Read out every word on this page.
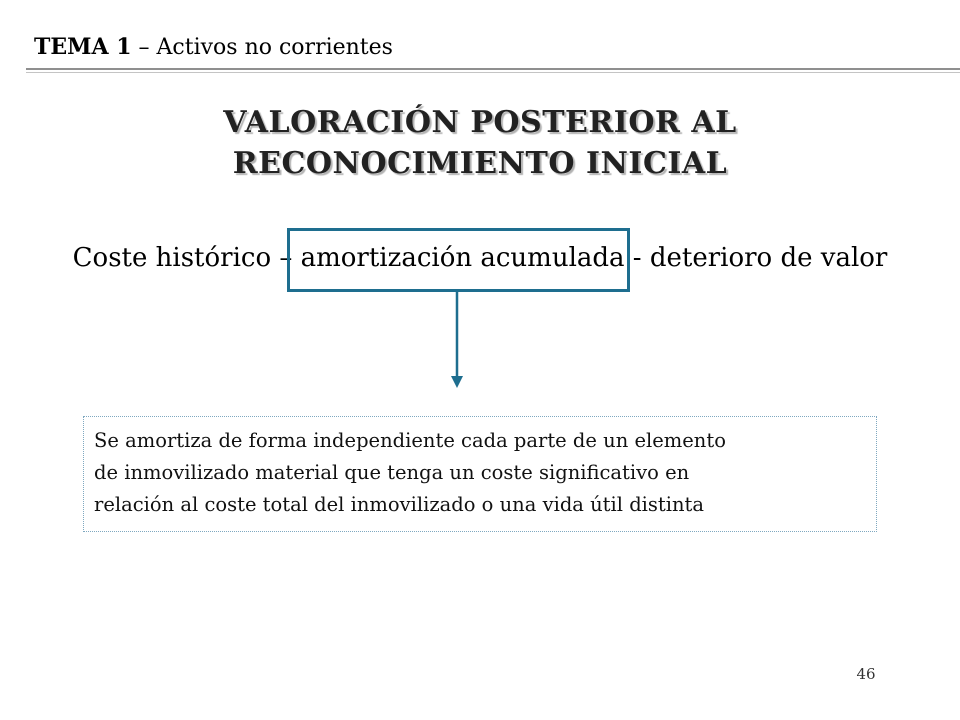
TEMA 1 – Activos no corrientes
VALORACIÓN POSTERIOR AL
RECONOCIMIENTO INICIAL
Coste histórico – amortización acumulada - deterioro de valor
Se amortiza de forma independiente cada parte de un elemento
de inmovilizado material que tenga un coste significativo en
relación al coste total del inmovilizado o una vida útil distinta
46
